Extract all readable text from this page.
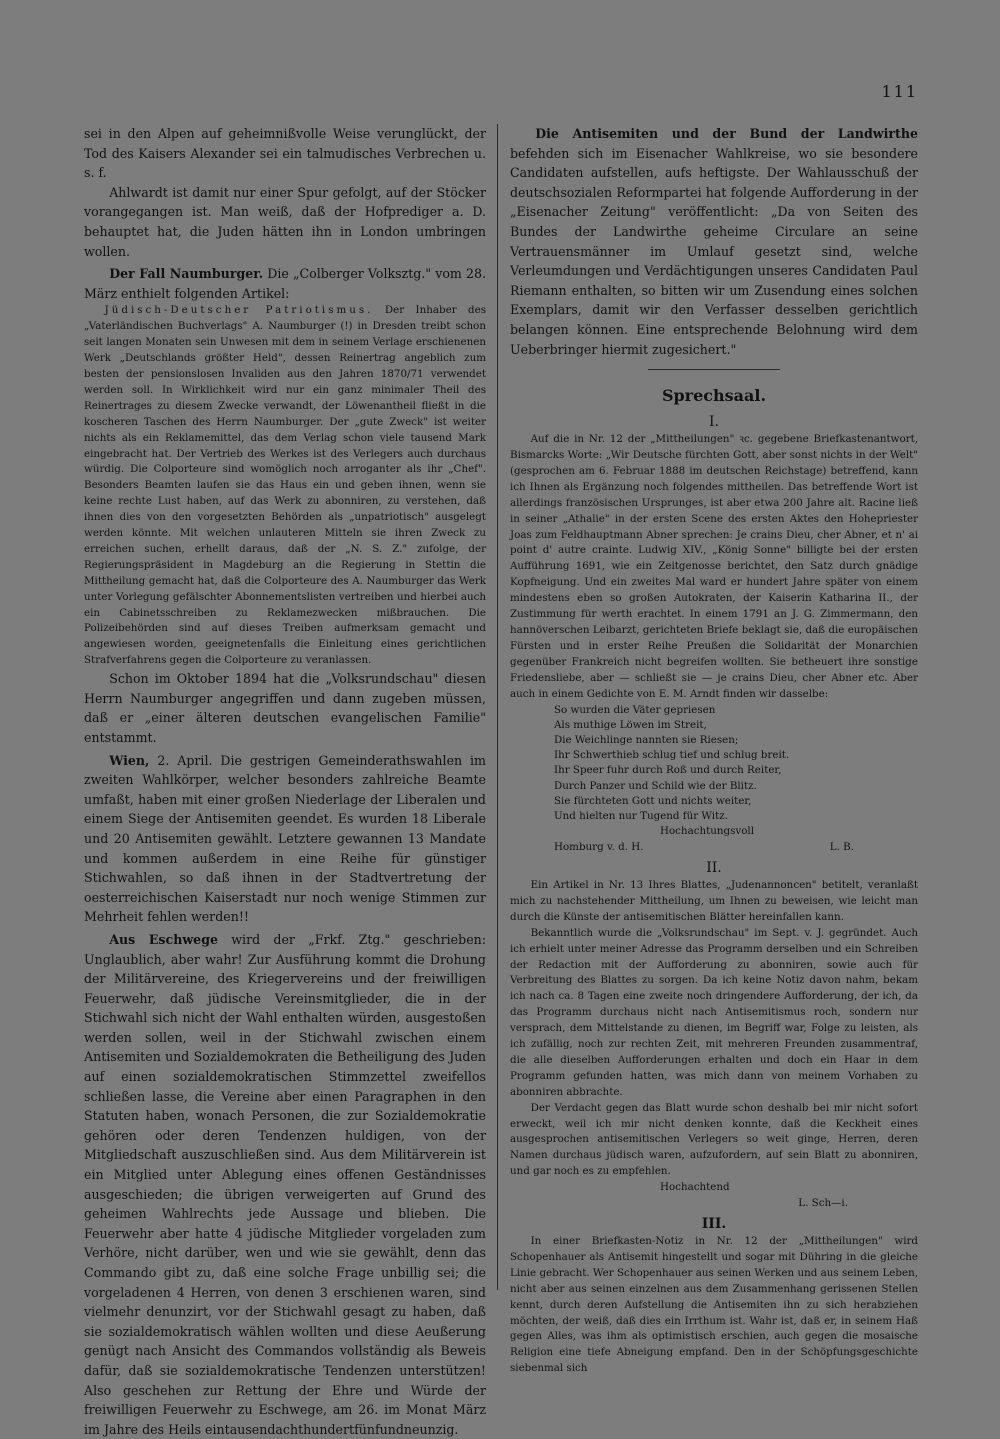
111

sei in den Alpen auf geheimnißvolle Weise verunglückt, der Tod des Kaisers Alexander sei ein talmudisches Verbrechen u. s. f.

Ahlwardt ist damit nur einer Spur gefolgt, auf der Stöcker vorangegangen ist. Man weiß, daß der Hofprediger a. D. behauptet hat, die Juden hätten ihn in London umbringen wollen.

Der Fall Naumburger. Die „Colberger Volksztg." vom 28. März enthielt folgenden Artikel:

Jüdisch-Deutscher Patriotismus. Der Inhaber des „Vaterländischen Buchverlags" A. Naumburger (!) in Dresden treibt schon seit langen Monaten sein Unwesen mit dem in seinem Verlage erschienenen Werk „Deutschlands größter Held", dessen Reinertrag angeblich zum besten der pensionslosen Invaliden aus den Jahren 1870/71 verwendet werden soll. In Wirklichkeit wird nur ein ganz minimaler Theil des Reinertrages zu diesem Zwecke verwandt, der Löwenantheil fließt in die koscheren Taschen des Herrn Naumburger. Der „gute Zweck" ist weiter nichts als ein Reklamemittel, das dem Verlag schon viele tausend Mark eingebracht hat. Der Vertrieb des Werkes ist des Verlegers auch durchaus würdig. Die Colporteure sind womöglich noch arroganter als ihr „Chef". Besonders Beamten laufen sie das Haus ein und geben ihnen, wenn sie keine rechte Lust haben, auf das Werk zu abonniren, zu verstehen, daß ihnen dies von den vorgesetzten Behörden als „unpatriotisch" ausgelegt werden könnte. Mit welchen unlauteren Mitteln sie ihren Zweck zu erreichen suchen, erhellt daraus, daß der „N. S. Z." zufolge, der Regierungspräsident in Magdeburg an die Regierung in Stettin die Mittheilung gemacht hat, daß die Colporteure des A. Naumburger das Werk unter Vorlegung gefälschter Abonnementslisten vertreiben und hierbei auch ein Cabinetsschreiben zu Reklamezwecken mißbrauchen. Die Polizeibehörden sind auf dieses Treiben aufmerksam gemacht und angewiesen worden, geeignetenfalls die Einleitung eines gerichtlichen Strafverfahrens gegen die Colporteure zu veranlassen.

Schon im Oktober 1894 hat die „Volksrundschau" diesen Herrn Naumburger angegriffen und dann zugeben müssen, daß er „einer älteren deutschen evangelischen Familie" entstammt.

Wien, 2. April. Die gestrigen Gemeinderathswahlen im zweiten Wahlkörper, welcher besonders zahlreiche Beamte umfaßt, haben mit einer großen Niederlage der Liberalen und einem Siege der Antisemiten geendet. Es wurden 18 Liberale und 20 Antisemiten gewählt. Letztere gewannen 13 Mandate und kommen außerdem in eine Reihe für günstiger Stichwahlen, so daß ihnen in der Stadtvertretung der oesterreichischen Kaiserstadt nur noch wenige Stimmen zur Mehrheit fehlen werden!!

Aus Eschwege wird der „Frkf. Ztg." geschrieben: Unglaublich, aber wahr! Zur Ausführung kommt die Drohung der Militärvereine, des Kriegervereins und der freiwilligen Feuerwehr, daß jüdische Vereinsmitglieder, die in der Stichwahl sich nicht der Wahl enthalten würden, ausgestoßen werden sollen, weil in der Stichwahl zwischen einem Antisemiten und Sozialdemokraten die Betheiligung des Juden auf einen sozialdemokratischen Stimmzettel zweifellos schließen lasse, die Vereine aber einen Paragraphen in den Statuten haben, wonach Personen, die zur Sozialdemokratie gehören oder deren Tendenzen huldigen, von der Mitgliedschaft auszuschließen sind. Aus dem Militärverein ist ein Mitglied unter Ablegung eines offenen Geständnisses ausgeschieden; die übrigen verweigerten auf Grund des geheimen Wahlrechts jede Aussage und blieben. Die Feuerwehr aber hatte 4 jüdische Mitglieder vorgeladen zum Verhöre, nicht darüber, wen und wie sie gewählt, denn das Commando gibt zu, daß eine solche Frage unbillig sei; die vorgeladenen 4 Herren, von denen 3 erschienen waren, sind vielmehr denunzirt, vor der Stichwahl gesagt zu haben, daß sie sozialdemokratisch wählen wollten und diese Aeußerung genügt nach Ansicht des Commandos vollständig als Beweis dafür, daß sie sozialdemokratische Tendenzen unterstützen! Also geschehen zur Rettung der Ehre und Würde der freiwilligen Feuerwehr zu Eschwege, am 26. im Monat März im Jahre des Heils eintausendachthundertfünfundneunzig.

Die Antisemiten und der Bund der Landwirthe befehden sich im Eisenacher Wahlkreise, wo sie besondere Candidaten aufstellen, aufs heftigste. Der Wahlausschuß der deutschsozialen Reformpartei hat folgende Aufforderung in der „Eisenacher Zeitung" veröffentlicht: „Da von Seiten des Bundes der Landwirthe geheime Circulare an seine Vertrauensmänner im Umlauf gesetzt sind, welche Verleumdungen und Verdächtigungen unseres Candidaten Paul Riemann enthalten, so bitten wir um Zusendung eines solchen Exemplars, damit wir den Verfasser desselben gerichtlich belangen können. Eine entsprechende Belohnung wird dem Ueberbringer hiermit zugesichert."

Sprechsaal.
I.

Auf die in Nr. 12 der „Mittheilungen" ꝛc. gegebene Briefkastenantwort, Bismarcks Worte: „Wir Deutsche fürchten Gott, aber sonst nichts in der Welt" (gesprochen am 6. Februar 1888 im deutschen Reichstage) betreffend, kann ich Ihnen als Ergänzung noch folgendes mittheilen. Das betreffende Wort ist allerdings französischen Ursprunges, ist aber etwa 200 Jahre alt. Racine ließ in seiner „Athalie" in der ersten Scene des ersten Aktes den Hohepriester Joas zum Feldhauptmann Abner sprechen: Je crains Dieu, cher Abner, et n' ai point d' autre crainte. Ludwig XIV., „König Sonne" billigte bei der ersten Aufführung 1691, wie ein Zeitgenosse berichtet, den Satz durch gnädige Kopfneigung. Und ein zweites Mal ward er hundert Jahre später von einem mindestens eben so großen Autokraten, der Kaiserin Katharina II., der Zustimmung für werth erachtet. In einem 1791 an J. G. Zimmermann, den hannöverschen Leibarzt, gerichteten Briefe beklagt sie, daß die europäischen Fürsten und in erster Reihe Preußen die Solidarität der Monarchien gegenüber Frankreich nicht begreifen wollten. Sie betheuert ihre sonstige Friedensliebe, aber — schließt sie — je crains Dieu, cher Abner etc. Aber auch in einem Gedichte von E. M. Arndt finden wir dasselbe:

So wurden die Väter gepriesen
Als muthige Löwen im Streit,
Die Weichlinge nannten sie Riesen;
Ihr Schwerthieb schlug tief und schlug breit.
Ihr Speer fuhr durch Roß und durch Reiter,
Durch Panzer und Schild wie der Blitz.
Sie fürchteten Gott und nichts weiter,
Und hielten nur Tugend für Witz.
Hochachtungsvoll
Homburg v. d. H.	L. B.
II.

Ein Artikel in Nr. 13 Ihres Blattes, „Judenannoncen" betitelt, veranlaßt mich zu nachstehender Mittheilung, um Ihnen zu beweisen, wie leicht man durch die Künste der antisemitischen Blätter hereinfallen kann.

Bekanntlich wurde die „Volksrundschau" im Sept. v. J. gegründet. Auch ich erhielt unter meiner Adresse das Programm derselben und ein Schreiben der Redaction mit der Aufforderung zu abonniren, sowie auch für Verbreitung des Blattes zu sorgen. Da ich keine Notiz davon nahm, bekam ich nach ca. 8 Tagen eine zweite noch dringendere Aufforderung, der ich, da das Programm durchaus nicht nach Antisemitismus roch, sondern nur versprach, dem Mittelstande zu dienen, im Begriff war, Folge zu leisten, als ich zufällig, noch zur rechten Zeit, mit mehreren Freunden zusammentraf, die alle dieselben Aufforderungen erhalten und doch ein Haar in dem Programm gefunden hatten, was mich dann von meinem Vorhaben zu abonniren abbrachte.

Der Verdacht gegen das Blatt wurde schon deshalb bei mir nicht sofort erweckt, weil ich mir nicht denken konnte, daß die Keckheit eines ausgesprochen antisemitischen Verlegers so weit ginge, Herren, deren Namen durchaus jüdisch waren, aufzufordern, auf sein Blatt zu abonniren, und gar noch es zu empfehlen.

Hochachtend
L. Sch—i.
III.

In einer Briefkasten-Notiz in Nr. 12 der „Mittheilungen" wird Schopenhauer als Antisemit hingestellt und sogar mit Dühring in die gleiche Linie gebracht. Wer Schopenhauer aus seinen Werken und aus seinem Leben, nicht aber aus seinen einzelnen aus dem Zusammenhang gerissenen Stellen kennt, durch deren Aufstellung die Antisemiten ihn zu sich herabziehen möchten, der weiß, daß dies ein Irrthum ist. Wahr ist, daß er, in seinem Haß gegen Alles, was ihm als optimistisch erschien, auch gegen die mosaische Religion eine tiefe Abneigung empfand. Den in der Schöpfungsgeschichte siebenmal sich
